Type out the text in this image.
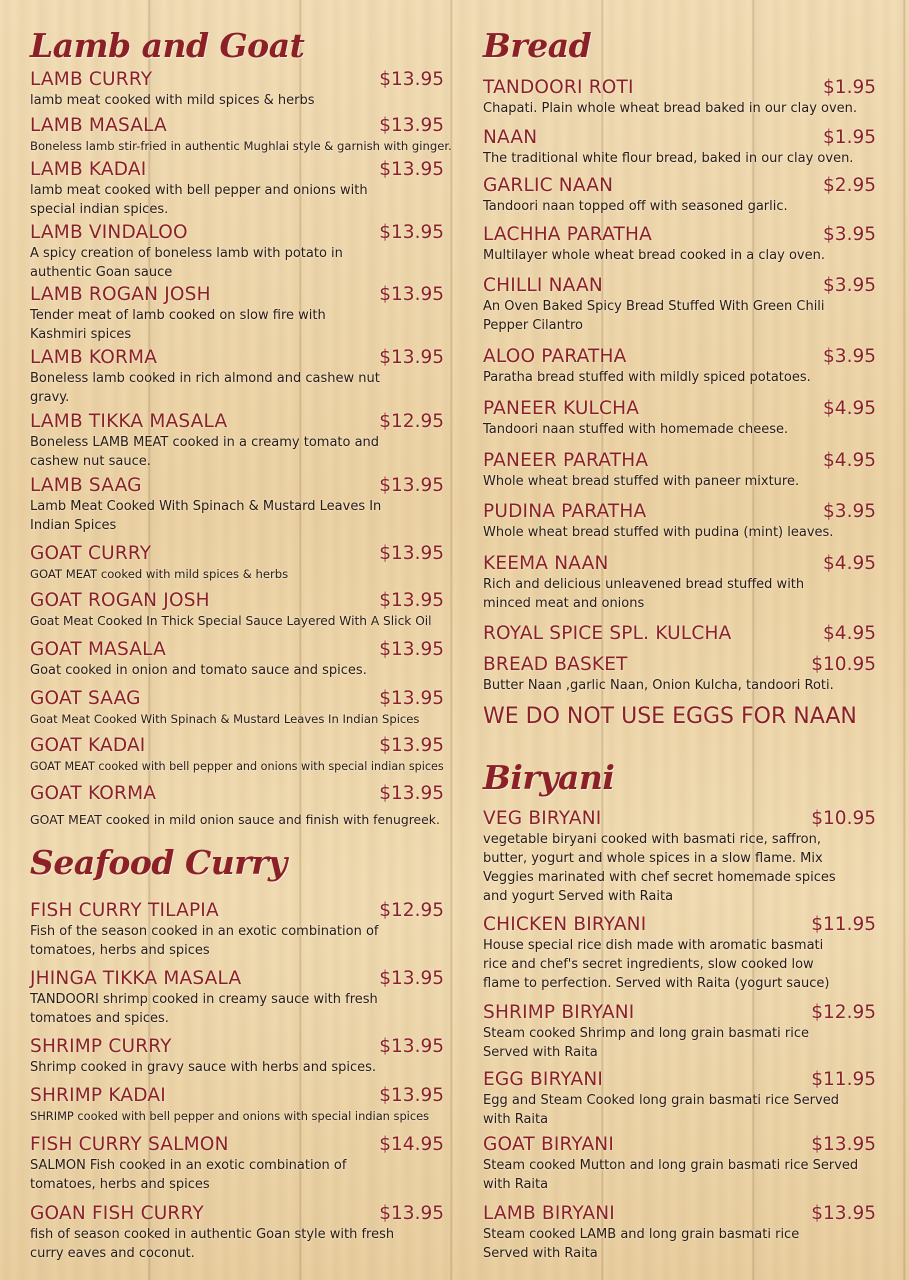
Lamb and Goat
LAMB CURRY	$13.95
lamb meat cooked with mild spices & herbs
LAMB MASALA	$13.95
Boneless lamb stir-fried in authentic Mughlai style & garnish with ginger.
LAMB KADAI	$13.95
lamb meat cooked with bell pepper and onions with special indian spices.
LAMB VINDALOO	$13.95
A spicy creation of boneless lamb with potato in authentic Goan sauce
LAMB ROGAN JOSH	$13.95
Tender meat of lamb cooked on slow fire with Kashmiri spices
LAMB KORMA	$13.95
Boneless lamb cooked in rich almond and cashew nut gravy.
LAMB TIKKA MASALA	$12.95
Boneless LAMB MEAT cooked in a creamy tomato and cashew nut sauce.
LAMB SAAG	$13.95
Lamb Meat Cooked With Spinach & Mustard Leaves In Indian Spices
GOAT CURRY	$13.95
GOAT MEAT cooked with mild spices & herbs
GOAT ROGAN JOSH	$13.95
Goat Meat Cooked In Thick Special Sauce Layered With A Slick Oil
GOAT MASALA	$13.95
Goat cooked in onion and tomato sauce and spices.
GOAT SAAG	$13.95
Goat Meat Cooked With Spinach & Mustard Leaves In Indian Spices
GOAT KADAI	$13.95
GOAT MEAT cooked with bell pepper and onions with special indian spices
GOAT KORMA	$13.95
GOAT MEAT cooked in mild onion sauce and finish with fenugreek.
Seafood Curry
FISH CURRY TILAPIA	$12.95
Fish of the season cooked in an exotic combination of tomatoes, herbs and spices
JHINGA TIKKA MASALA	$13.95
TANDOORI shrimp cooked in creamy sauce with fresh tomatoes and spices.
SHRIMP CURRY	$13.95
Shrimp cooked in gravy sauce with herbs and spices.
SHRIMP KADAI	$13.95
SHRIMP cooked with bell pepper and onions with special indian spices
FISH CURRY SALMON	$14.95
SALMON Fish cooked in an exotic combination of tomatoes, herbs and spices
GOAN FISH CURRY	$13.95
fish of season cooked in authentic Goan style with fresh curry eaves and coconut.
Bread
TANDOORI ROTI	$1.95
Chapati. Plain whole wheat bread baked in our clay oven.
NAAN	$1.95
The traditional white flour bread, baked in our clay oven.
GARLIC NAAN	$2.95
Tandoori naan topped off with seasoned garlic.
LACHHA PARATHA	$3.95
Multilayer whole wheat bread cooked in a clay oven.
CHILLI NAAN	$3.95
An Oven Baked Spicy Bread Stuffed With Green Chili Pepper Cilantro
ALOO PARATHA	$3.95
Paratha bread stuffed with mildly spiced potatoes.
PANEER KULCHA	$4.95
Tandoori naan stuffed with homemade cheese.
PANEER PARATHA	$4.95
Whole wheat bread stuffed with paneer mixture.
PUDINA PARATHA	$3.95
Whole wheat bread stuffed with pudina (mint) leaves.
KEEMA NAAN	$4.95
Rich and delicious unleavened bread stuffed with minced meat and onions
ROYAL SPICE SPL. KULCHA	$4.95
BREAD BASKET	$10.95
Butter Naan ,garlic Naan, Onion Kulcha, tandoori Roti.
WE DO NOT USE EGGS FOR NAAN
Biryani
VEG BIRYANI	$10.95
vegetable biryani cooked with basmati rice, saffron, butter, yogurt and whole spices in a slow flame. Mix Veggies marinated with chef secret homemade spices and yogurt Served with Raita
CHICKEN BIRYANI	$11.95
House special rice dish made with aromatic basmati rice and chef's secret ingredients, slow cooked low flame to perfection. Served with Raita (yogurt sauce)
SHRIMP BIRYANI	$12.95
Steam cooked Shrimp and long grain basmati rice Served with Raita
EGG BIRYANI	$11.95
Egg and Steam Cooked long grain basmati rice Served with Raita
GOAT BIRYANI	$13.95
Steam cooked Mutton and long grain basmati rice Served with Raita
LAMB BIRYANI	$13.95
Steam cooked LAMB and long grain basmati rice Served with Raita
